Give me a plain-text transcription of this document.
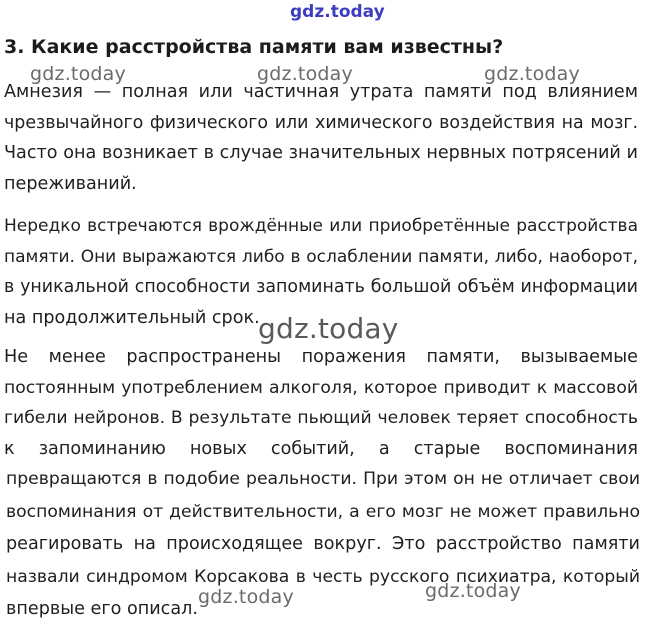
gdz.today
3. Какие расстройства памяти вам известны?
gdz.today	gdz.today	gdz.today
Амнезия — полная или частичная утрата памяти под влиянием
чрезвычайного физического или химического воздействия на мозг.
Часто она возникает в случае значительных нервных потрясений и
переживаний.
Нередко встречаются врождённые или приобретённые расстройства
памяти. Они выражаются либо в ослаблении памяти, либо, наоборот,
в уникальной способности запоминать большой объём информации
на продолжительный срок.
gdz.today
Не менее распространены поражения памяти, вызываемые
постоянным употреблением алкоголя, которое приводит к массовой
гибели нейронов. В результате пьющий человек теряет способность
к запоминанию новых событий, а старые воспоминания
превращаются в подобие реальности. При этом он не отличает свои
воспоминания от действительности, а его мозг не может правильно
реагировать на происходящее вокруг. Это расстройство памяти
назвали синдромом Корсакова в честь русского психиатра, который
впервые его описал.
gdz.today	gdz.today
